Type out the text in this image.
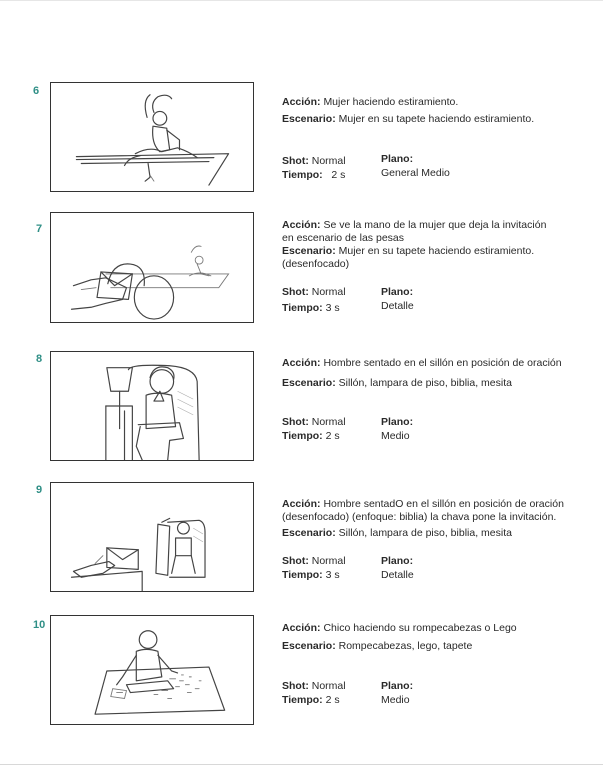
6

Acción: Mujer haciendo estiramiento.

Escenario: Mujer en su tapete haciendo estiramiento.

Shot: Normal
Tiempo: 2 s
Plano:
General Medio
7	Acción: Se ve la mano de la mujer que deja la invitación

en escenario de las pesas

Escenario: Mujer en su tapete haciendo estiramiento.

(desenfocado)

Shot: Normal
Tiempo: 3 s
Plano:
Detalle
8	Acción: Hombre sentado en el sillón en posición de oración

Escenario: Sillón, lampara de piso, biblia, mesita

Shot: Normal
Tiempo: 2 s
Plano:
Medio
9

Acción: Hombre sentadO en el sillón en posición de oración

(desenfocado) (enfoque: biblia) la chava pone la invitación.

Escenario: Sillón, lampara de piso, biblia, mesita

Shot: Normal
Tiempo: 3 s
Plano:
Detalle
10	Acción: Chico haciendo su rompecabezas o Lego

Escenario: Rompecabezas, lego, tapete

Shot: Normal
Tiempo: 2 s
Plano:
Medio
